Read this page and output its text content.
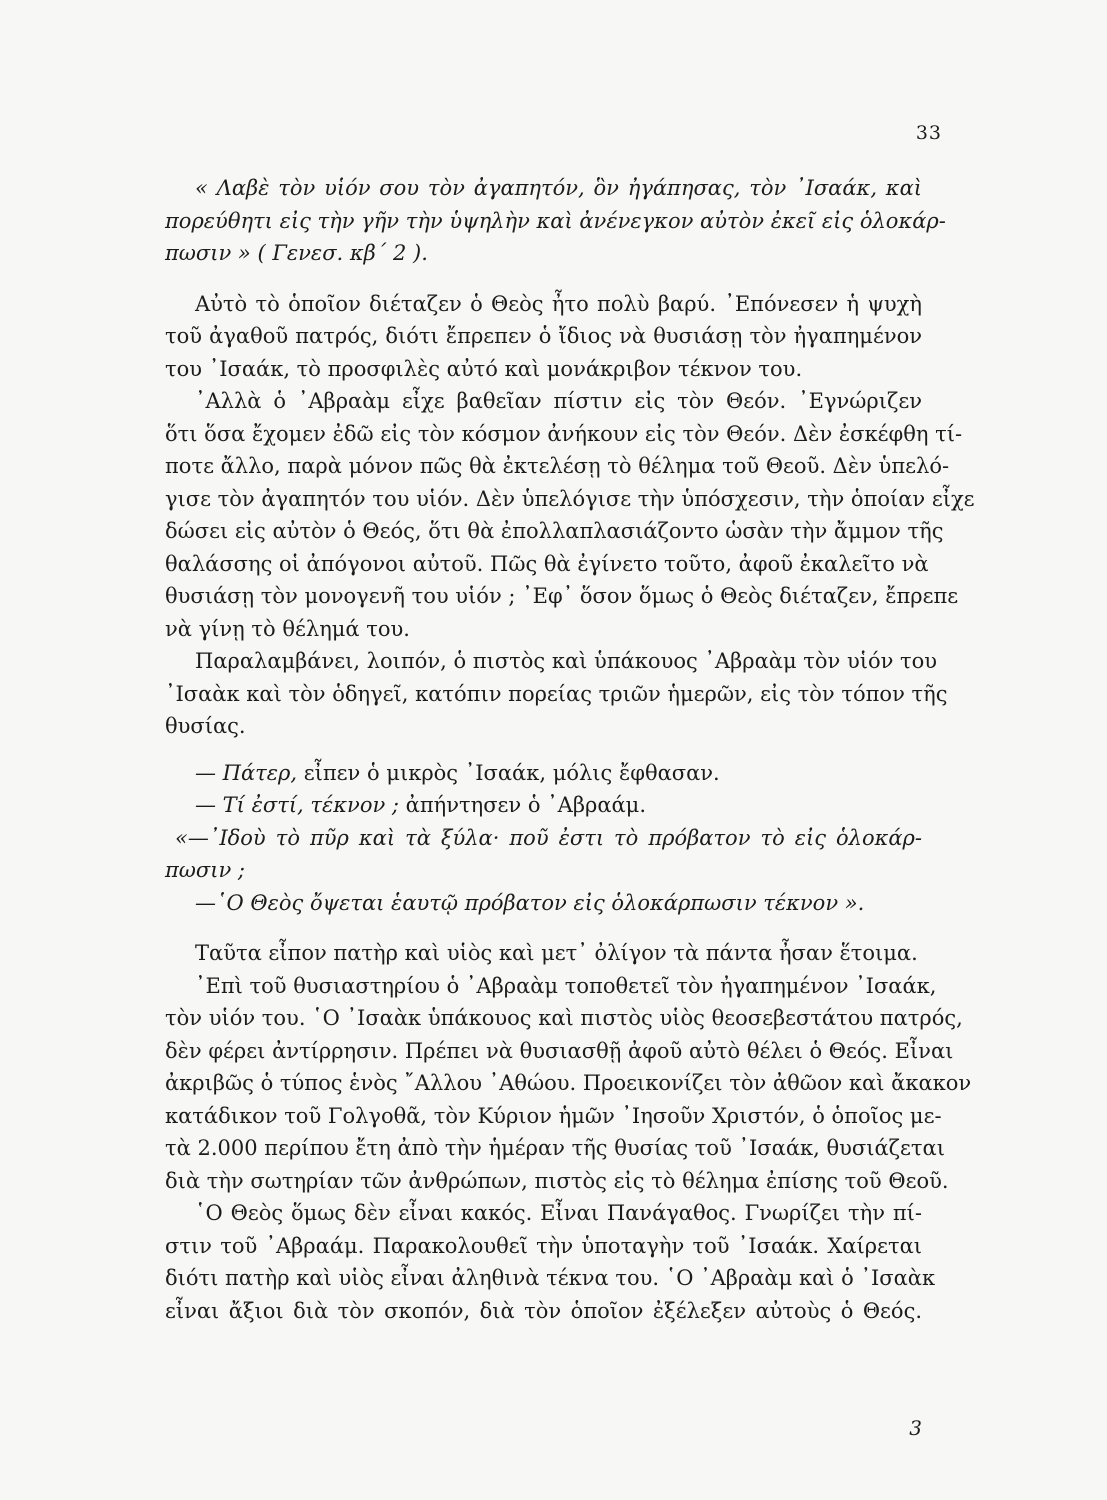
33
« Λαβὲ τὸν υἱόν σου τὸν ἀγαπητόν, ὃν ἠγάπησας, τὸν ᾿Ισαάκ, καὶ
πορεύθητι εἰς τὴν γῆν τὴν ὑψηλὴν καὶ ἀνένεγκον αὐτὸν ἐκεῖ εἰς ὁλοκάρ-
πωσιν » ( Γενεσ. κβ΄ 2 ).
Αὐτὸ τὸ ὁποῖον διέταζεν ὁ Θεὸς ἦτο πολὺ βαρύ. ᾿Επόνεσεν ἡ ψυχὴ
τοῦ ἀγαθοῦ πατρός, διότι ἔπρεπεν ὁ ἴδιος νὰ θυσιάσῃ τὸν ἠγαπημένον
του ᾿Ισαάκ, τὸ προσφιλὲς αὐτό καὶ μονάκριβον τέκνον του.
᾿Αλλὰ ὁ ᾿Αβραὰμ εἶχε βαθεῖαν πίστιν εἰς τὸν Θεόν. ᾿Εγνώριζεν
ὅτι ὅσα ἔχομεν ἐδῶ εἰς τὸν κόσμον ἀνήκουν εἰς τὸν Θεόν. Δὲν ἐσκέφθη τί-
ποτε ἄλλο, παρὰ μόνον πῶς θὰ ἐκτελέσῃ τὸ θέλημα τοῦ Θεοῦ. Δὲν ὑπελό-
γισε τὸν ἀγαπητόν του υἱόν. Δὲν ὑπελόγισε τὴν ὑπόσχεσιν, τὴν ὁποίαν εἶχε
δώσει εἰς αὐτὸν ὁ Θεός, ὅτι θὰ ἐπολλαπλασιάζοντο ὡσὰν τὴν ἄμμον τῆς
θαλάσσης οἱ ἀπόγονοι αὐτοῦ. Πῶς θὰ ἐγίνετο τοῦτο, ἀφοῦ ἐκαλεῖτο νὰ
θυσιάσῃ τὸν μονογενῆ του υἱόν ; ᾿Εφ᾿ ὅσον ὅμως ὁ Θεὸς διέταζεν, ἔπρεπε
νὰ γίνῃ τὸ θέλημά του.
Παραλαμβάνει, λοιπόν, ὁ πιστὸς καὶ ὑπάκουος ᾿Αβραὰμ τὸν υἱόν του
᾿Ισαὰκ καὶ τὸν ὁδηγεῖ, κατόπιν πορείας τριῶν ἡμερῶν, εἰς τὸν τόπον τῆς
θυσίας.
— Πάτερ, εἶπεν ὁ μικρὸς ᾿Ισαάκ, μόλις ἔφθασαν.
— Τί ἐστί, τέκνον ; ἀπήντησεν ὁ ᾿Αβραάμ.
«—᾿Ιδοὺ τὸ πῦρ καὶ τὰ ξύλα· ποῦ ἐστι τὸ πρόβατον τὸ εἰς ὁλοκάρ-
πωσιν ;
—῾Ο Θεὸς ὄψεται ἑαυτῷ πρόβατον εἰς ὁλοκάρπωσιν τέκνον ».
Ταῦτα εἶπον πατὴρ καὶ υἱὸς καὶ μετ᾿ ὀλίγον τὰ πάντα ἦσαν ἕτοιμα.
᾿Επὶ τοῦ θυσιαστηρίου ὁ ᾿Αβραὰμ τοποθετεῖ τὸν ἠγαπημένον ᾿Ισαάκ,
τὸν υἱόν του. ῾Ο ᾿Ισαὰκ ὑπάκουος καὶ πιστὸς υἱὸς θεοσεβεστάτου πατρός,
δὲν φέρει ἀντίρρησιν. Πρέπει νὰ θυσιασθῇ ἀφοῦ αὐτὸ θέλει ὁ Θεός. Εἶναι
ἀκριβῶς ὁ τύπος ἑνὸς ῎Αλλου ᾿Αθώου. Προεικονίζει τὸν ἀθῶον καὶ ἄκακον
κατάδικον τοῦ Γολγοθᾶ, τὸν Κύριον ἡμῶν ᾿Ιησοῦν Χριστόν, ὁ ὁποῖος με-
τὰ 2.000 περίπου ἔτη ἀπὸ τὴν ἡμέραν τῆς θυσίας τοῦ ᾿Ισαάκ, θυσιάζεται
διὰ τὴν σωτηρίαν τῶν ἀνθρώπων, πιστὸς εἰς τὸ θέλημα ἐπίσης τοῦ Θεοῦ.
῾Ο Θεὸς ὅμως δὲν εἶναι κακός. Εἶναι Πανάγαθος. Γνωρίζει τὴν πί-
στιν τοῦ ᾿Αβραάμ. Παρακολουθεῖ τὴν ὑποταγὴν τοῦ ᾿Ισαάκ. Χαίρεται
διότι πατὴρ καὶ υἱὸς εἶναι ἀληθινὰ τέκνα του. ῾Ο ᾿Αβραὰμ καὶ ὁ ᾿Ισαὰκ
εἶναι ἄξιοι διὰ τὸν σκοπόν, διὰ τὸν ὁποῖον ἐξέλεξεν αὐτοὺς ὁ Θεός.
3
